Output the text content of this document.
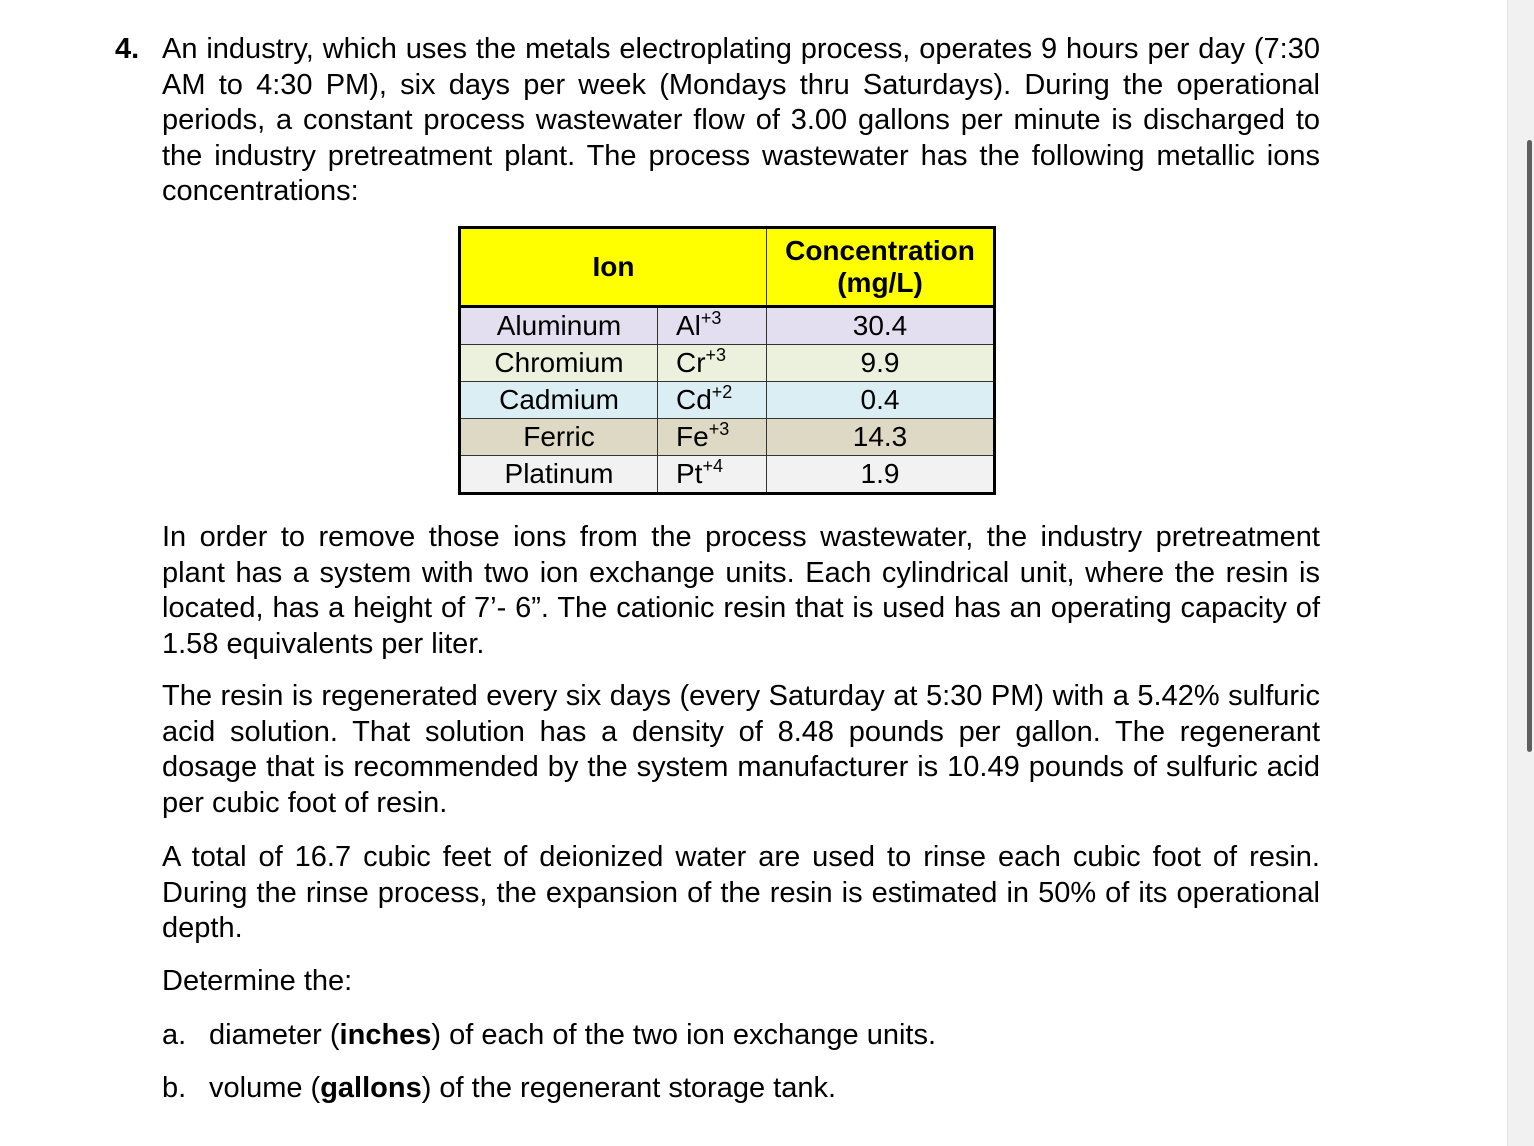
4. An industry, which uses the metals electroplating process, operates 9 hours per day (7:30 AM to 4:30 PM), six days per week (Mondays thru Saturdays). During the operational periods, a constant process wastewater flow of 3.00 gallons per minute is discharged to the industry pretreatment plant. The process wastewater has the following metallic ions concentrations:
Ion		Concentration
(mg/L)

Aluminum	$Al^{+3}$	30.4
Chromium	$Cr^{+3}$	9.9
Cadmium	$Cd^{+2}$	0.4
Ferric	$Fe^{+3}$	14.3
Platinum	$Pt^{+4}$	1.9
In order to remove those ions from the process wastewater, the industry pretreatment plant has a system with two ion exchange units. Each cylindrical unit, where the resin is located, has a height of 7’- 6”. The cationic resin that is used has an operating capacity of 1.58 equivalents per liter.
The resin is regenerated every six days (every Saturday at 5:30 PM) with a 5.42% sulfuric acid solution. That solution has a density of 8.48 pounds per gallon. The regenerant dosage that is recommended by the system manufacturer is 10.49 pounds of sulfuric acid per cubic foot of resin.
A total of 16.7 cubic feet of deionized water are used to rinse each cubic foot of resin. During the rinse process, the expansion of the resin is estimated in 50% of its operational depth.
Determine the:
a. diameter (inches) of each of the two ion exchange units.
b. volume (gallons) of the regenerant storage tank.
